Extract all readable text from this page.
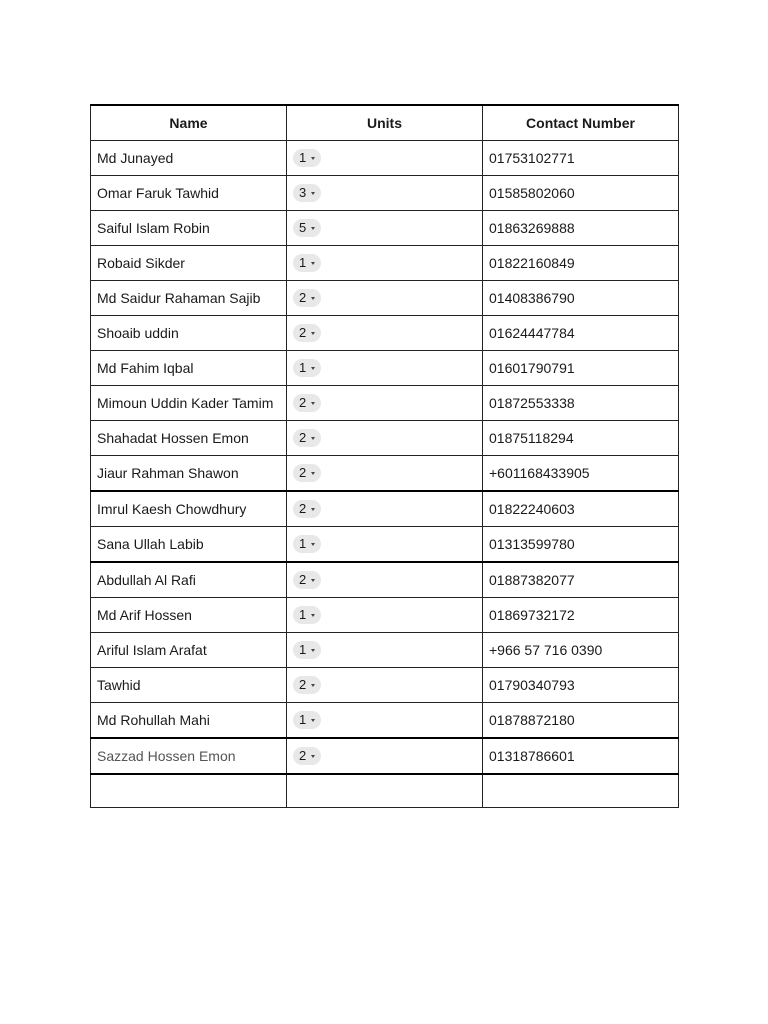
Name	Units	Contact Number
Md Junayed	1	01753102771
Omar Faruk Tawhid	3	01585802060
Saiful Islam Robin	5	01863269888
Robaid Sikder	1	01822160849
Md Saidur Rahaman Sajib	2	01408386790
Shoaib uddin	2	01624447784
Md Fahim Iqbal	1	01601790791
Mimoun Uddin Kader Tamim	2	01872553338
Shahadat Hossen Emon	2	01875118294
Jiaur Rahman Shawon	2	+601168433905
Imrul Kaesh Chowdhury	2	01822240603
Sana Ullah Labib	1	01313599780
Abdullah Al Rafi	2	01887382077
Md Arif Hossen	1	01869732172
Ariful Islam Arafat	1	+966 57 716 0390
Tawhid	2	01790340793
Md Rohullah Mahi	1	01878872180
Sazzad Hossen Emon	2	01318786601
